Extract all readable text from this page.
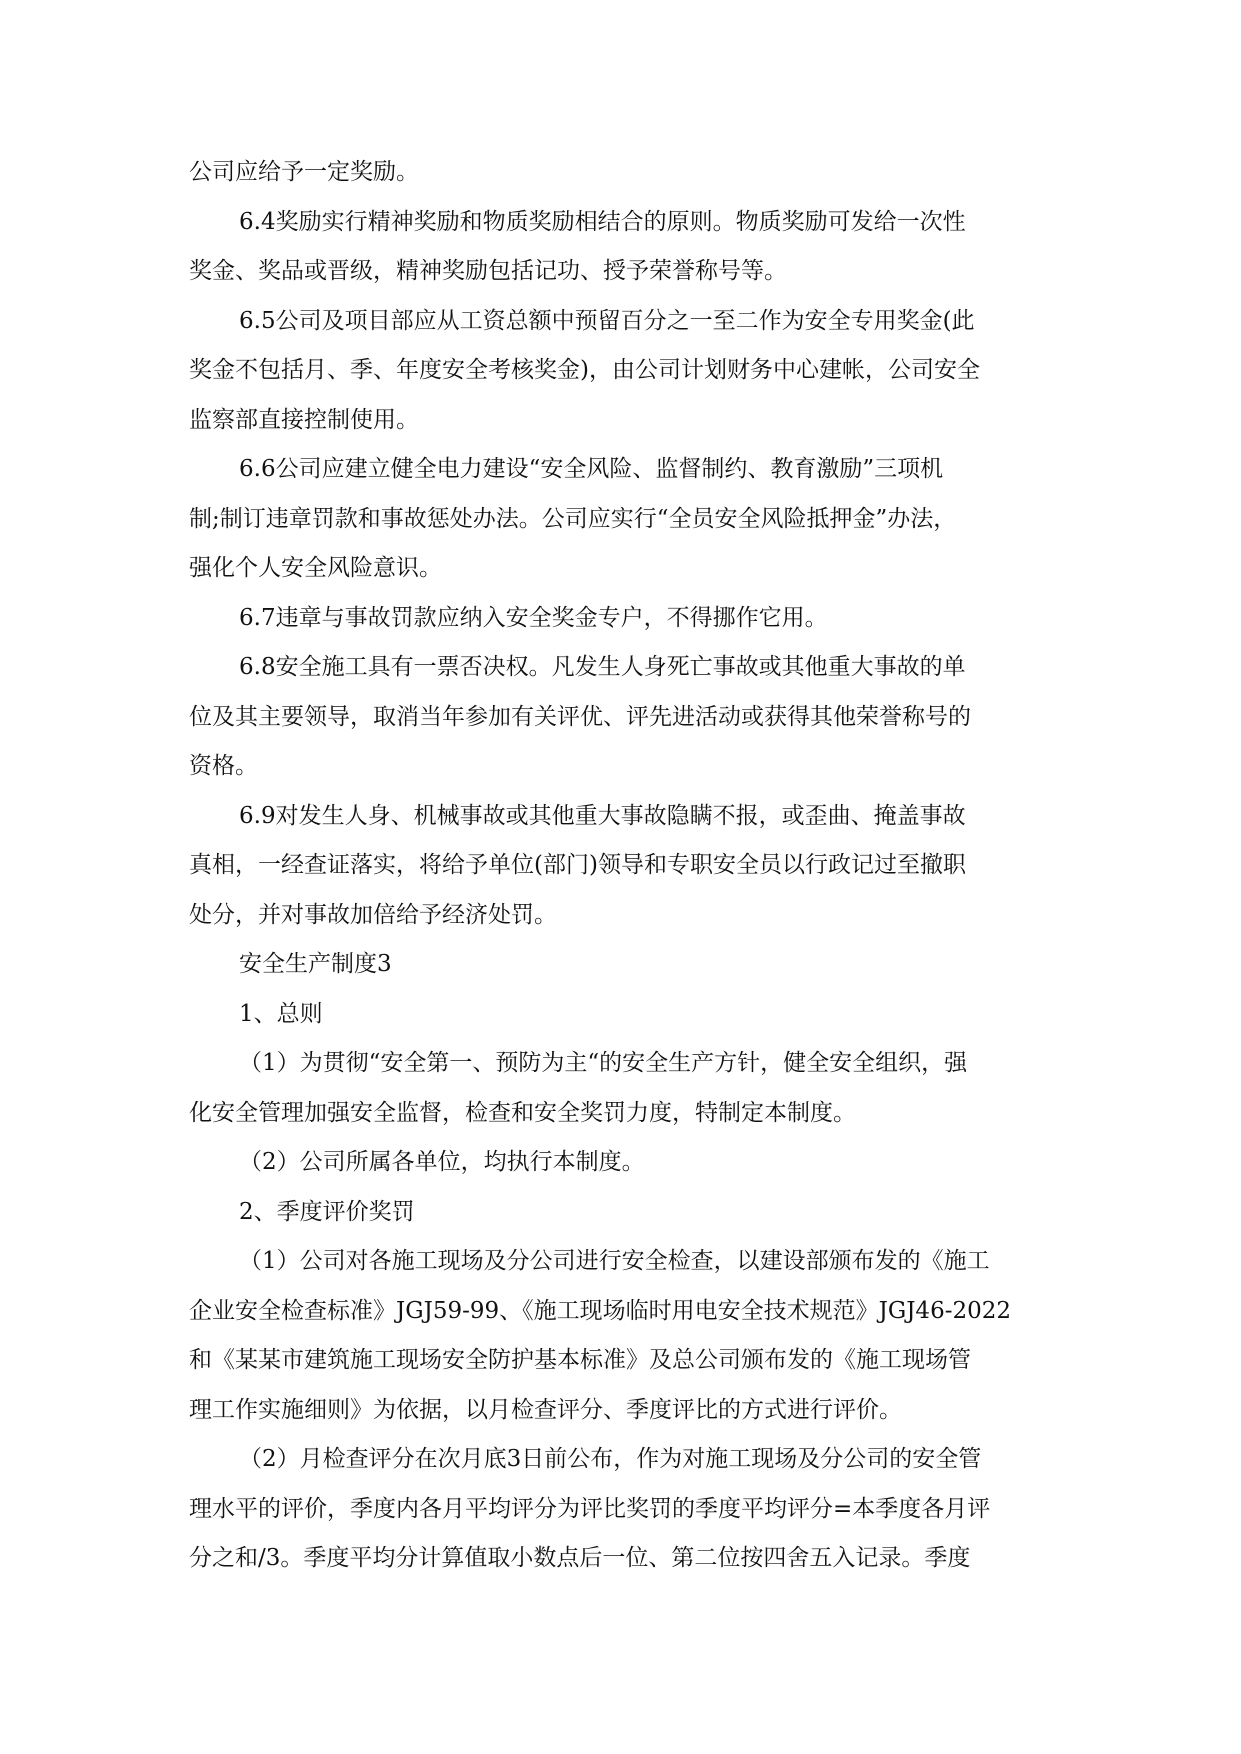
公司应给予一定奖励。
6.4奖励实行精神奖励和物质奖励相结合的原则。物质奖励可发给一次性
奖金、奖品或晋级，精神奖励包括记功、授予荣誉称号等。
6.5公司及项目部应从工资总额中预留百分之一至二作为安全专用奖金(此
奖金不包括月、季、年度安全考核奖金)，由公司计划财务中心建帐，公司安全
监察部直接控制使用。
6.6公司应建立健全电力建设“安全风险、监督制约、教育激励”三项机
制;制订违章罚款和事故惩处办法。公司应实行“全员安全风险抵押金”办法，
强化个人安全风险意识。
6.7违章与事故罚款应纳入安全奖金专户，不得挪作它用。
6.8安全施工具有一票否决权。凡发生人身死亡事故或其他重大事故的单
位及其主要领导，取消当年参加有关评优、评先进活动或获得其他荣誉称号的
资格。
6.9对发生人身、机械事故或其他重大事故隐瞒不报，或歪曲、掩盖事故
真相，一经查证落实，将给予单位(部门)领导和专职安全员以行政记过至撤职
处分，并对事故加倍给予经济处罚。
安全生产制度3
1、总则
（1）为贯彻“安全第一、预防为主“的安全生产方针，健全安全组织，强
化安全管理加强安全监督，检查和安全奖罚力度，特制定本制度。
（2）公司所属各单位，均执行本制度。
2、季度评价奖罚
（1）公司对各施工现场及分公司进行安全检查，以建设部颁布发的《施工
企业安全检查标准》JGJ59-99、《施工现场临时用电安全技术规范》JGJ46-2022
和《某某市建筑施工现场安全防护基本标准》及总公司颁布发的《施工现场管
理工作实施细则》为依据，以月检查评分、季度评比的方式进行评价。
（2）月检查评分在次月底3日前公布，作为对施工现场及分公司的安全管
理水平的评价，季度内各月平均评分为评比奖罚的季度平均评分=本季度各月评
分之和/3。季度平均分计算值取小数点后一位、第二位按四舍五入记录。季度
